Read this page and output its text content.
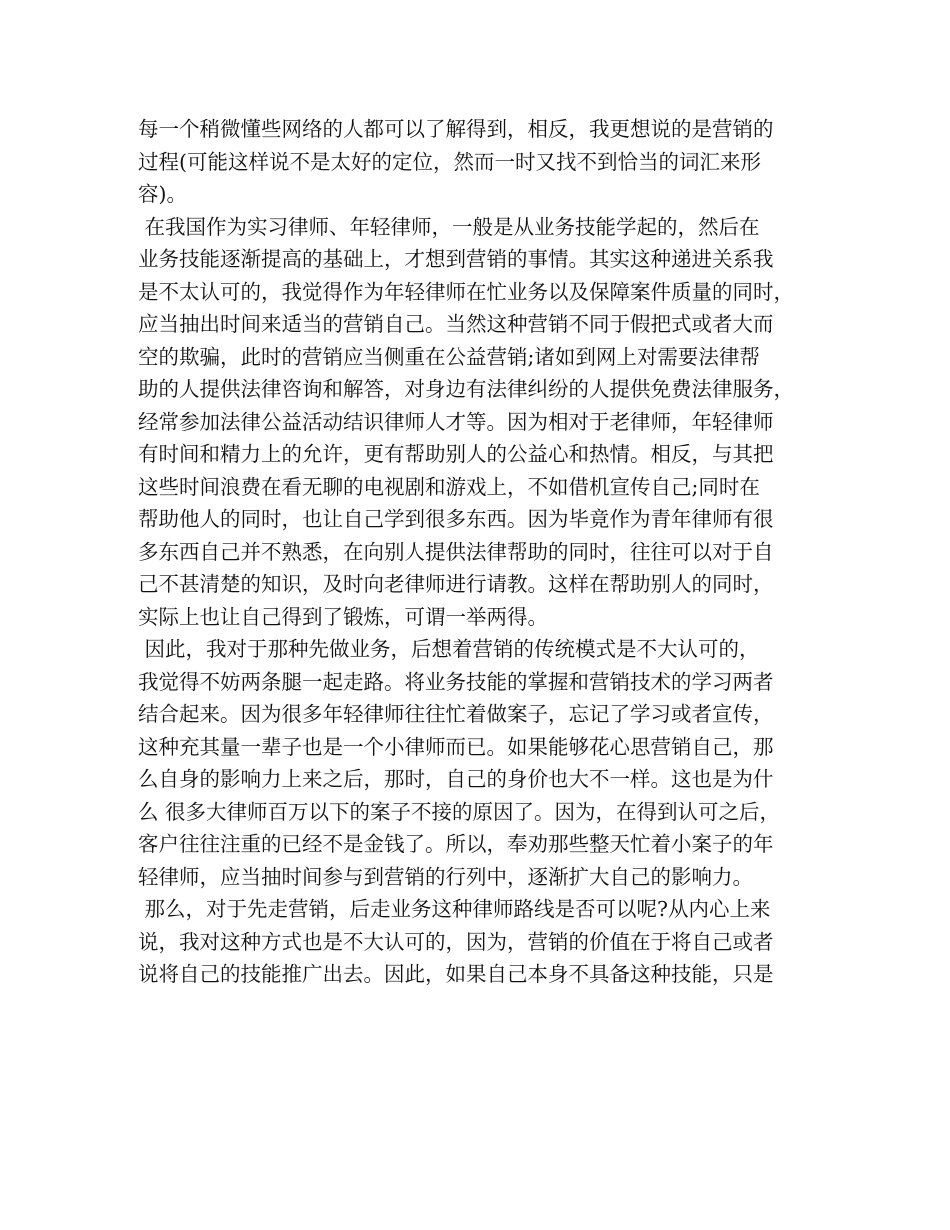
每一个稍微懂些网络的人都可以了解得到，相反，我更想说的是营销的
过程(可能这样说不是太好的定位，然而一时又找不到恰当的词汇来形
容)。
在我国作为实习律师、年轻律师，一般是从业务技能学起的，然后在
业务技能逐渐提高的基础上，才想到营销的事情。其实这种递进关系我
是不太认可的，我觉得作为年轻律师在忙业务以及保障案件质量的同时，
应当抽出时间来适当的营销自己。当然这种营销不同于假把式或者大而
空的欺骗，此时的营销应当侧重在公益营销;诸如到网上对需要法律帮
助的人提供法律咨询和解答，对身边有法律纠纷的人提供免费法律服务，
经常参加法律公益活动结识律师人才等。因为相对于老律师，年轻律师
有时间和精力上的允许，更有帮助别人的公益心和热情。相反，与其把
这些时间浪费在看无聊的电视剧和游戏上，不如借机宣传自己;同时在
帮助他人的同时，也让自己学到很多东西。因为毕竟作为青年律师有很
多东西自己并不熟悉，在向别人提供法律帮助的同时，往往可以对于自
己不甚清楚的知识，及时向老律师进行请教。这样在帮助别人的同时，
实际上也让自己得到了锻炼，可谓一举两得。
因此，我对于那种先做业务，后想着营销的传统模式是不大认可的，
我觉得不妨两条腿一起走路。将业务技能的掌握和营销技术的学习两者
结合起来。因为很多年轻律师往往忙着做案子，忘记了学习或者宣传，
这种充其量一辈子也是一个小律师而已。如果能够花心思营销自己，那
么自身的影响力上来之后，那时，自己的身价也大不一样。这也是为什
么 很多大律师百万以下的案子不接的原因了。因为，在得到认可之后，
客户往往注重的已经不是金钱了。所以，奉劝那些整天忙着小案子的年
轻律师，应当抽时间参与到营销的行列中，逐渐扩大自己的影响力。
那么，对于先走营销，后走业务这种律师路线是否可以呢?从内心上来
说，我对这种方式也是不大认可的，因为，营销的价值在于将自己或者
说将自己的技能推广出去。因此，如果自己本身不具备这种技能，只是
